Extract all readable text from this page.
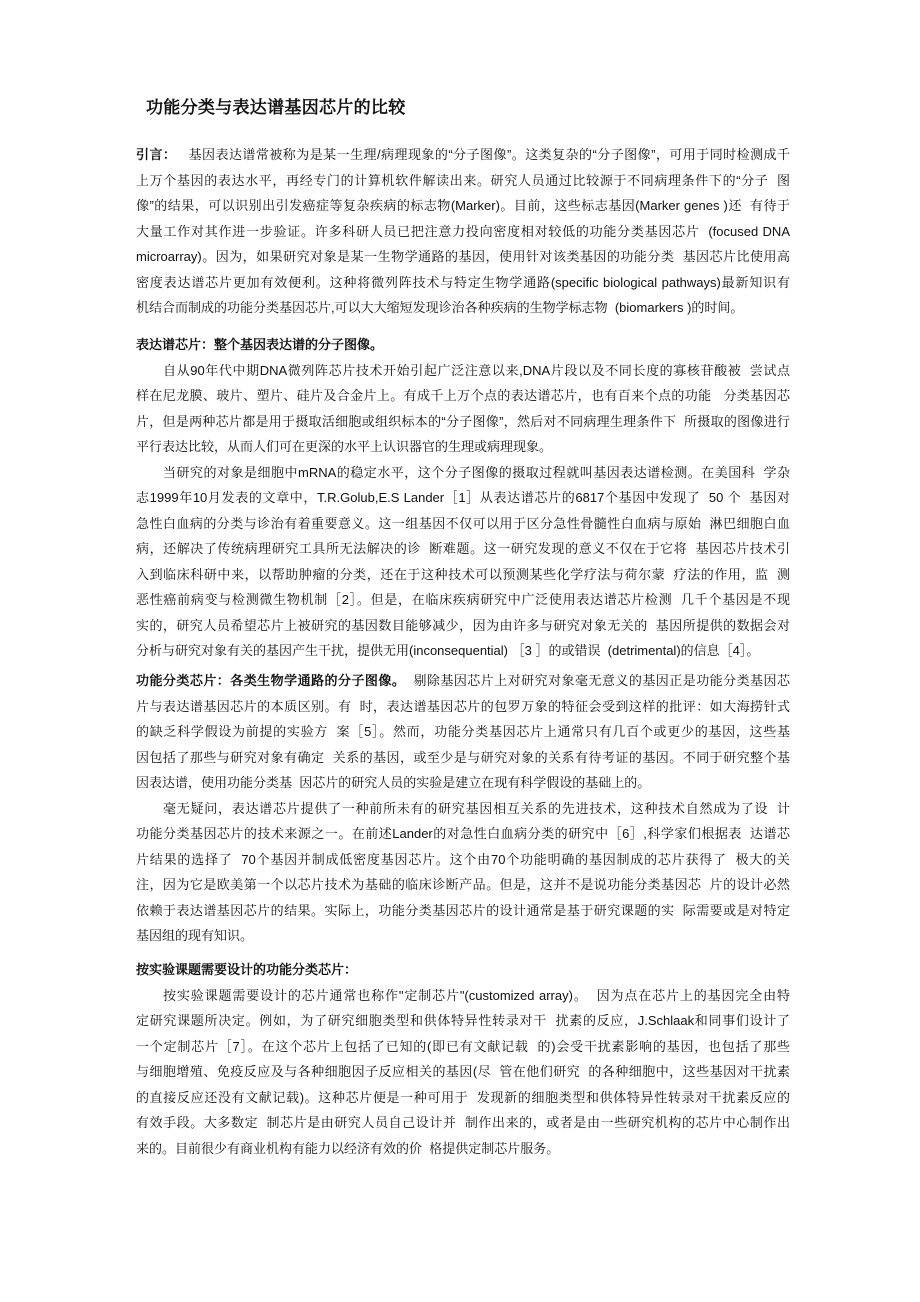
功能分类与表达谱基因芯片的比较
引言：   基因表达谱常被称为是某一生理/病理现象的“分子图像”。这类复杂的“分子图像”，可用于同时检测成千
上万个基因的表达水平，再经专门的计算机软件解读出来。研究人员通过比较源于不同病理条件下的“分子  图
像”的结果，可以识别出引发癌症等复杂疾病的标志物(Marker)。目前，这些标志基因(Marker genes )还  有待于
大量工作对其作进一步验证。许多科研人员已把注意力投向密度相对较低的功能分类基因芯片  (focused DNA
microarray)。因为，如果研究对象是某一生物学通路的基因，使用针对该类基因的功能分类  基因芯片比使用高
密度表达谱芯片更加有效便利。这种将微列阵技术与特定生物学通路(specific biological pathways)最新知识有
机结合而制成的功能分类基因芯片,可以大大缩短发现诊治各种疾病的生物学标志物  (biomarkers )的时间。
表达谱芯片：整个基因表达谱的分子图像。
自从90年代中期DNA微列阵芯片技术开始引起广泛注意以来,DNA片段以及不同长度的寡核苷酸被  尝试点
样在尼龙膜、玻片、塑片、硅片及合金片上。有成千上万个点的表达谱芯片，也有百来个点的功能   分类基因芯
片，但是两种芯片都是用于摄取活细胞或组织标本的“分子图像”，然后对不同病理生理条件下  所摄取的图像进行
平行表达比较，从而人们可在更深的水平上认识器官的生理或病理现象。
当研究的对象是细胞中mRNA的稳定水平，这个分子图像的摄取过程就叫基因表达谱检测。在美国科  学杂
志1999年10月发表的文章中，T.R.Golub,E.S Lander［1］从表达谱芯片的6817个基因中发现了  50 个  基因对
急性白血病的分类与诊治有着重要意义。这一组基因不仅可以用于区分急性骨髓性白血病与原始  淋巴细胞白血
病，还解决了传统病理研究工具所无法解决的诊  断难题。这一研究发现的意义不仅在于它将  基因芯片技术引
入到临床科研中来，以帮助肿瘤的分类，还在于这种技术可以预测某些化学疗法与荷尔蒙  疗法的作用，监  测
恶性癌前病变与检测微生物机制［2］。但是，在临床疾病研究中广泛使用表达谱芯片检测  几千个基因是不现
实的，研究人员希望芯片上被研究的基因数目能够减少，因为由许多与研究对象无关的  基因所提供的数据会对
分析与研究对象有关的基因产生干扰，提供无用(inconsequential) ［3 ］的或错误  (detrimental)的信息［4］。
功能分类芯片：各类生物学通路的分子图像。  剔除基因芯片上对研究对象毫无意义的基因正是功能分类基因芯
片与表达谱基因芯片的本质区别。有  时，表达谱基因芯片的包罗万象的特征会受到这样的批评：如大海捞针式
的缺乏科学假设为前提的实验方  案［5］。然而，功能分类基因芯片上通常只有几百个或更少的基因，这些基
因包括了那些与研究对象有确定  关系的基因，或至少是与研究对象的关系有待考证的基因。不同于研究整个基
因表达谱，使用功能分类基  因芯片的研究人员的实验是建立在现有科学假设的基础上的。
毫无疑问，表达谱芯片提供了一种前所未有的研究基因相互关系的先进技术，这种技术自然成为了设  计
功能分类基因芯片的技术来源之一。在前述Lander的对急性白血病分类的研究中［6］,科学家们根据表  达谱芯
片结果的选择了  70个基因并制成低密度基因芯片。这个由70个功能明确的基因制成的芯片获得了  极大的关
注，因为它是欧美第一个以芯片技术为基础的临床诊断产品。但是，这并不是说功能分类基因芯  片的设计必然
依赖于表达谱基因芯片的结果。实际上，功能分类基因芯片的设计通常是基于研究课题的实  际需要或是对特定
基因组的现有知识。
按实验课题需要设计的功能分类芯片：
按实验课题需要设计的芯片通常也称作"定制芯片"(customized array)。  因为点在芯片上的基因完全由特
定研究课题所决定。例如，为了研究细胞类型和供体特异性转录对干  扰素的反应，J.Schlaak和同事们设计了
一个定制芯片［7］。在这个芯片上包括了已知的(即已有文献记载  的)会受干扰素影响的基因，也包括了那些
与细胞增殖、免疫反应及与各种细胞因子反应相关的基因(尽  管在他们研究  的各种细胞中，这些基因对干扰素
的直接反应还没有文献记载)。这种芯片便是一种可用于  发现新的细胞类型和供体特异性转录对干扰素反应的
有效手段。大多数定  制芯片是由研究人员自己设计并  制作出来的，或者是由一些研究机构的芯片中心制作出
来的。目前很少有商业机构有能力以经济有效的价  格提供定制芯片服务。
